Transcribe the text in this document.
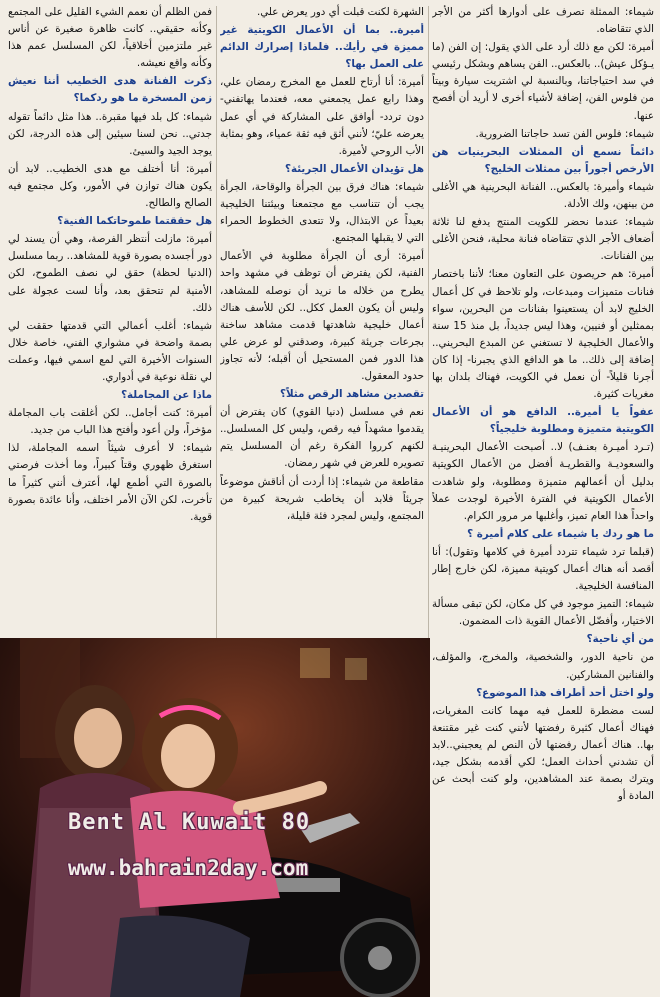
شيماء: الممثلة تصرف على أدوارها أكثر من الأجر الذي تتقاضاه.

أميرة: لكن مع ذلك أرد على الذي يقول: إن الفن (ما يـؤكل عيش).. بالعكس.. الفن يساهم وبشكل رئيسي في سد احتياجاتنا، وبالنسبة لي اشتريت سيارة وبيتاً من فلوس الفن، إضافة لأشياء أخرى لا أريد أن أفصح عنها.

شيماء: فلوس الفن تسد حاجاتنا الضرورية.

دائماً نسمع أن الممثلات البحرينيات هن الأرخص أجوراً بين ممثلات الخليج؟

شيماء وأميرة: بالعكس.. الفنانة البحرينية هي الأغلى من بينهن، ولك الأدلة.

شيماء: عندما نحضر للكويت المنتج يدفع لنا ثلاثة أضعاف الأجر الذي تتقاضاه فنانة محلية، فنحن الأغلى بين الفنانات.

أميرة: هم حريصون على التعاون معنا؛ لأننا باختصار فنانات متميزات ومبدعات، ولو تلاحظ في كل أعمال الخليج لابد أن يستعينوا بفنانات من البحرين، سواء بممثلين أو فنيين، وهذا ليس جديداً، بل منذ 15 سنة والأعمال الخليجية لا تستغني عن المبدع البحريني.. إضافة إلى ذلك.. ما هو الدافع الذي يجبرنا- إذا كان أجرنا قليلاً- أن نعمل في الكويت، فهناك بلدان بها مغريات كثيرة.

عفواً يا أميرة.. الدافع هو أن الأعمال الكويتية متميزة ومطلوبة خليجياً؟

(تـرد أميـرة بعنـف) لا.. أصبحت الأعمال البحرينيـة والسعوديـة والقطريـة أفضل من الأعمال الكويتية بدليل أن أعمالهم متميزة ومطلوبة، ولو شاهدت الأعمال الكويتية في الفترة الأخيرة لوجدت عملاً واحداً هذا العام تميز، وأغلبها مر مرور الكرام.

ما هو ردك يا شيماء على كلام أميرة ؟

(قبلما ترد شيماء تتردد أميرة في كلامها وتقول): أنا أقصد أنه هناك أعمال كويتية مميزة، لكن خارج إطار المنافسة الخليجية.

شيماء: التميز موجود في كل مكان، لكن تبقى مسألة الاختيار، وأفضّل الأعمال القوية ذات المضمون.

من أي ناحية؟

من ناحية الدور، والشخصية، والمخرج، والمؤلف، والفنانين المشاركين.

ولو اختل أحد أطراف هذا الموضوع؟

لست مضطرة للعمل فيه مهما كانت المغريات، فهناك أعمال كثيرة رفضتها لأنني كنت غير مقتنعة بها.. هناك أعمال رفضتها لأن النص لم يعجبني..لابد أن تشدني أحداث العمل؛ لكي أقدمه بشكل جيد، ويترك بصمة عند المشاهدين، ولو كنت أبحث عن المادة أو

الشهرة لكنت قبلت أي دور يعرض علي.

أميرة.. بما أن الأعمال الكويتية غير مميزة في رأيك.. فلماذا إصرارك الدائم على العمل بها؟

أميرة: أنا أرتاح للعمل مع المخرج رمضان علي، وهذا رابع عمل يجمعني معه، فعندما يهاتفني- دون تردد- أوافق على المشاركة في أي عمل يعرضه عليّ؛ لأنني أثق فيه ثقة عمياء، وهو بمثابة الأب الروحي لأميرة.

هل تؤيدان الأعمال الجريئة؟

شيماء: هناك فرق بين الجرأة والوقاحة، الجرأة يجب أن تتناسب مع مجتمعنا وبيئتنا الخليجية بعيداً عن الابتذال، ولا تتعدى الخطوط الحمراء التي لا يقبلها المجتمع.

أميرة: أرى أن الجرأة مطلوبة في الأعمال الفنية، لكن يفترض أن توظف في مشهد واحد يطرح من خلاله ما نريد أن نوصله للمشاهد، وليس أن يكون العمل ككل.. لكن للأسف هناك أعمال خليجية شاهدتها قدمت مشاهد ساخنة بجرعات جريئة كبيرة، وصدقني لو عرض علي هذا الدور فمن المستحيل أن أقبله؛ لأنه تجاوز حدود المعقول.

تقصدين مشاهد الرقص مثلاً؟

نعم في مسلسل (دنيا القوي) كان يفترض أن يقدموا مشهداً فيه رقص، وليس كل المسلسل.. لكنهم كرروا الفكرة رغم أن المسلسل يتم تصويره للعرض في شهر رمضان.

مقاطعة من شيماء: إذا أردت أن أناقش موضوعاً جريئاً فلابد أن يخاطب شريحة كبيرة من المجتمع، وليس لمجرد فئة قليلة،

فمن الظلم أن نعمم الشيء القليل على المجتمع وكأنه حقيقي.. كانت ظاهرة صغيرة عن أناس غير ملتزمين أخلاقياً، لكن المسلسل عمم هذا وكأنه واقع نعيشه.

ذكرت الفنانة هدى الخطيب أننا نعيش زمن المسخرة ما هو ردكما؟

شيماء: كل بلد فيها مقبرة.. هذا مثل دائماً تقوله جدتي.. نحن لسنا سيئين إلى هذه الدرجة، لكن يوجد الجيد والسيئ.

أميرة: أنا أختلف مع هدى الخطيب.. لابد أن يكون هناك توازن في الأمور، وكل مجتمع فيه الصالح والطالح.

هل حققتما طموحاتكما الفنية؟

أميرة: مازلت أنتظر الفرصة، وهي أن يسند لي دور أجسده بصورة قوية للمشاهد.. ربما مسلسل (الدنيا لحظة) حقق لي نصف الطموح، لكن الأمنية لم تتحقق بعد، وأنا لست عجولة على ذلك.

شيماء: أغلب أعمالي التي قدمتها حققت لي بصمة واضحة في مشواري الفني، خاصة خلال السنوات الأخيرة التي لمع اسمي فيها، وعملت لي نقلة نوعية في أدواري.

ماذا عن المجاملة؟

أميرة: كنت أجامل.. لكن أغلقت باب المجاملة مؤخراً، ولن أعود وأفتح هذا الباب من جديد.

شيماء: لا أعرف شيئاً اسمه المجاملة، لذا استغرق ظهوري وقتاً كبيراً، وما أخذت فرصتي بالصورة التي أطمع لها، أعترف أنني كثيراً ما تأخرت، لكن الآن الأمر اختلف، وأنا عائدة بصورة قوية.

Bent Al Kuwait 80
www.bahrain2day.com
